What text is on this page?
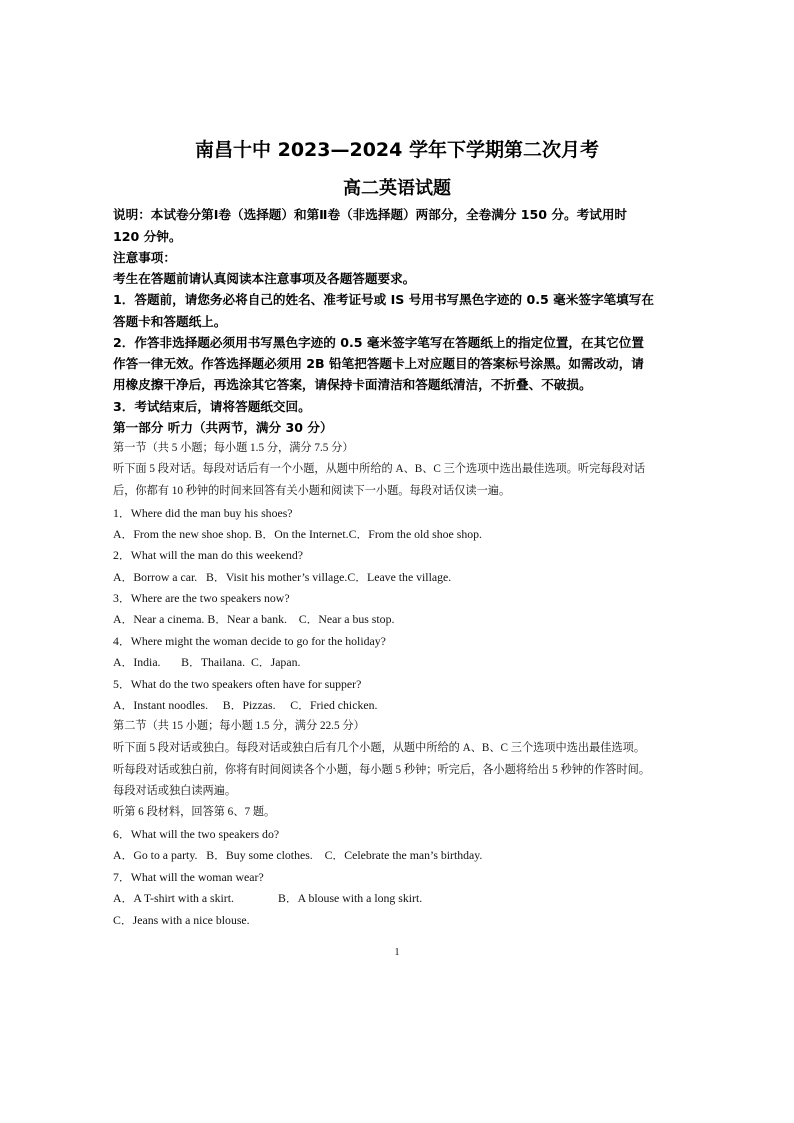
南昌十中 2023—2024 学年下学期第二次月考
高二英语试题
说明：本试卷分第Ⅰ卷（选择题）和第Ⅱ卷（非选择题）两部分，全卷满分 150 分。考试用时
120 分钟。
注意事项：
考生在答题前请认真阅读本注意事项及各题答题要求。
1．答题前，请您务必将自己的姓名、准考证号或 IS 号用书写黑色字迹的 0.5 毫米签字笔填写在
答题卡和答题纸上。
2．作答非选择题必须用书写黑色字迹的 0.5 毫米签字笔写在答题纸上的指定位置，在其它位置
作答一律无效。作答选择题必须用 2B 铅笔把答题卡上对应题目的答案标号涂黑。如需改动，请
用橡皮擦干净后，再选涂其它答案，请保持卡面清洁和答题纸清洁，不折叠、不破损。
3．考试结束后，请将答题纸交回。
第一部分 听力（共两节，满分 30 分）
第一节（共 5 小题；每小题 1.5 分，满分 7.5 分）
听下面 5 段对话。每段对话后有一个小题，从题中所给的 A、B、C 三个选项中选出最佳选项。听完每段对话
后，你都有 10 秒钟的时间来回答有关小题和阅读下一小题。每段对话仅读一遍。
1．Where did the man buy his shoes?
A．From the new shoe shop. B．On the Internet.C．From the old shoe shop.
2．What will the man do this weekend?
A．Borrow a car.   B．Visit his mother’s village.C．Leave the village.
3．Where are the two speakers now?
A．Near a cinema. B．Near a bank.    C．Near a bus stop.
4．Where might the woman decide to go for the holiday?
A．India.       B．Thailana.  C．Japan.
5．What do the two speakers often have for supper?
A．Instant noodles.     B．Pizzas.     C．Fried chicken.
第二节（共 15 小题；每小题 1.5 分，满分 22.5 分）
听下面 5 段对话或独白。每段对话或独白后有几个小题，从题中所给的 A、B、C 三个选项中选出最佳选项。
听每段对话或独白前，你将有时间阅读各个小题，每小题 5 秒钟；听完后，各小题将给出 5 秒钟的作答时间。
每段对话或独白读两遍。
听第 6 段材料，回答第 6、7 题。
6．What will the two speakers do?
A．Go to a party.   B．Buy some clothes.    C．Celebrate the man’s birthday.
7．What will the woman wear?
A．A T-shirt with a skirt.	B．A blouse with a long skirt.
C．Jeans with a nice blouse.
1
